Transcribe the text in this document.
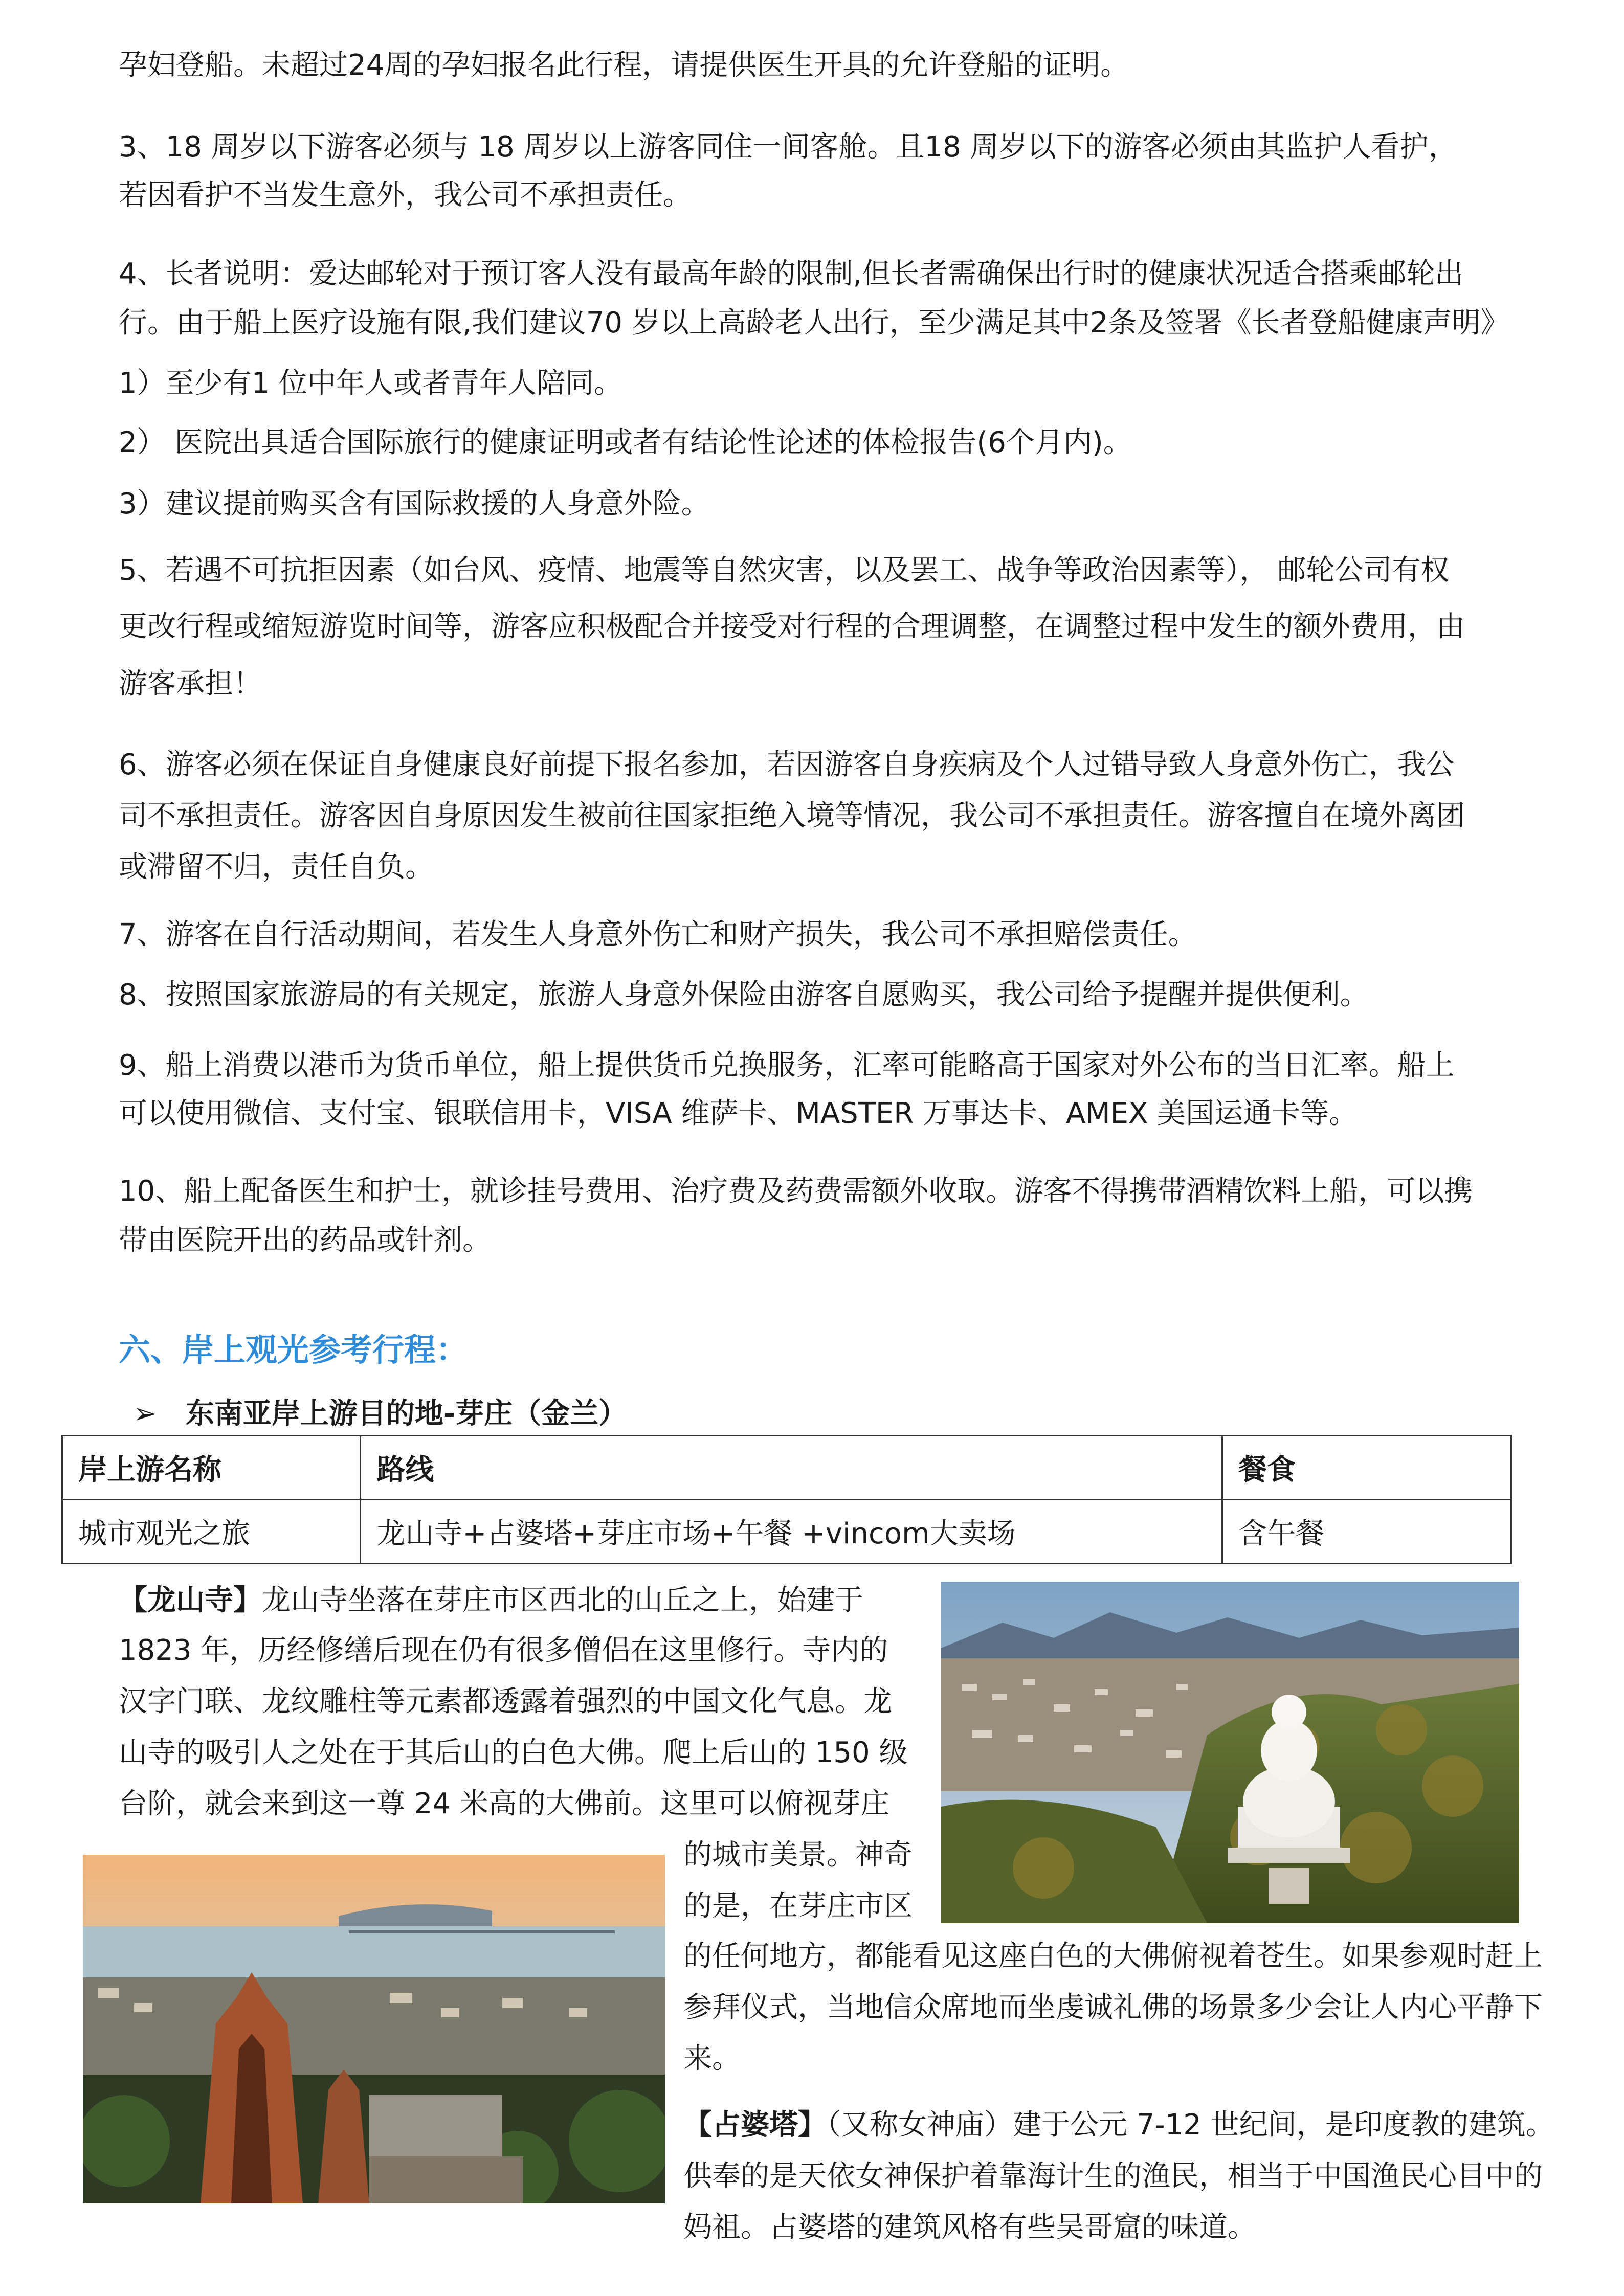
孕妇登船。未超过24周的孕妇报名此行程，请提供医生开具的允许登船的证明。
3、18 周岁以下游客必须与 18 周岁以上游客同住一间客舱。且18 周岁以下的游客必须由其监护人看护，
若因看护不当发生意外，我公司不承担责任。
4、长者说明：爱达邮轮对于预订客人没有最高年龄的限制,但长者需确保出行时的健康状况适合搭乘邮轮出
行。由于船上医疗设施有限,我们建议70 岁以上高龄老人出行，至少满足其中2条及签署《长者登船健康声明》
1）至少有1 位中年人或者青年人陪同。
2） 医院出具适合国际旅行的健康证明或者有结论性论述的体检报告(6个月内)。
3）建议提前购买含有国际救援的人身意外险。
5、若遇不可抗拒因素（如台风、疫情、地震等自然灾害，以及罢工、战争等政治因素等）， 邮轮公司有权
更改行程或缩短游览时间等，游客应积极配合并接受对行程的合理调整，在调整过程中发生的额外费用，由
游客承担！
6、游客必须在保证自身健康良好前提下报名参加，若因游客自身疾病及个人过错导致人身意外伤亡，我公
司不承担责任。游客因自身原因发生被前往国家拒绝入境等情况，我公司不承担责任。游客擅自在境外离团
或滞留不归，责任自负。
7、游客在自行活动期间，若发生人身意外伤亡和财产损失，我公司不承担赔偿责任。
8、按照国家旅游局的有关规定，旅游人身意外保险由游客自愿购买，我公司给予提醒并提供便利。
9、船上消费以港币为货币单位，船上提供货币兑换服务，汇率可能略高于国家对外公布的当日汇率。船上
可以使用微信、支付宝、银联信用卡，VISA 维萨卡、MASTER 万事达卡、AMEX 美国运通卡等。
10、船上配备医生和护士，就诊挂号费用、治疗费及药费需额外收取。游客不得携带酒精饮料上船，可以携
带由医院开出的药品或针剂。
六、岸上观光参考行程：
➢ 东南亚岸上游目的地-芽庄（金兰）
岸上游名称	路线	餐食
城市观光之旅	龙山寺+占婆塔+芽庄市场+午餐 +vincom大卖场	含午餐
【龙山寺】龙山寺坐落在芽庄市区西北的山丘之上，始建于
1823 年，历经修缮后现在仍有很多僧侣在这里修行。寺内的
汉字门联、龙纹雕柱等元素都透露着强烈的中国文化气息。龙
山寺的吸引人之处在于其后山的白色大佛。爬上后山的 150 级
台阶，就会来到这一尊 24 米高的大佛前。这里可以俯视芽庄
的城市美景。神奇
的是，在芽庄市区
的任何地方，都能看见这座白色的大佛俯视着苍生。如果参观时赶上
参拜仪式，当地信众席地而坐虔诚礼佛的场景多少会让人内心平静下
来。
【占婆塔】（又称女神庙）建于公元 7-12 世纪间，是印度教的建筑。
供奉的是天依女神保护着靠海计生的渔民，相当于中国渔民心目中的
妈祖。占婆塔的建筑风格有些吴哥窟的味道。
